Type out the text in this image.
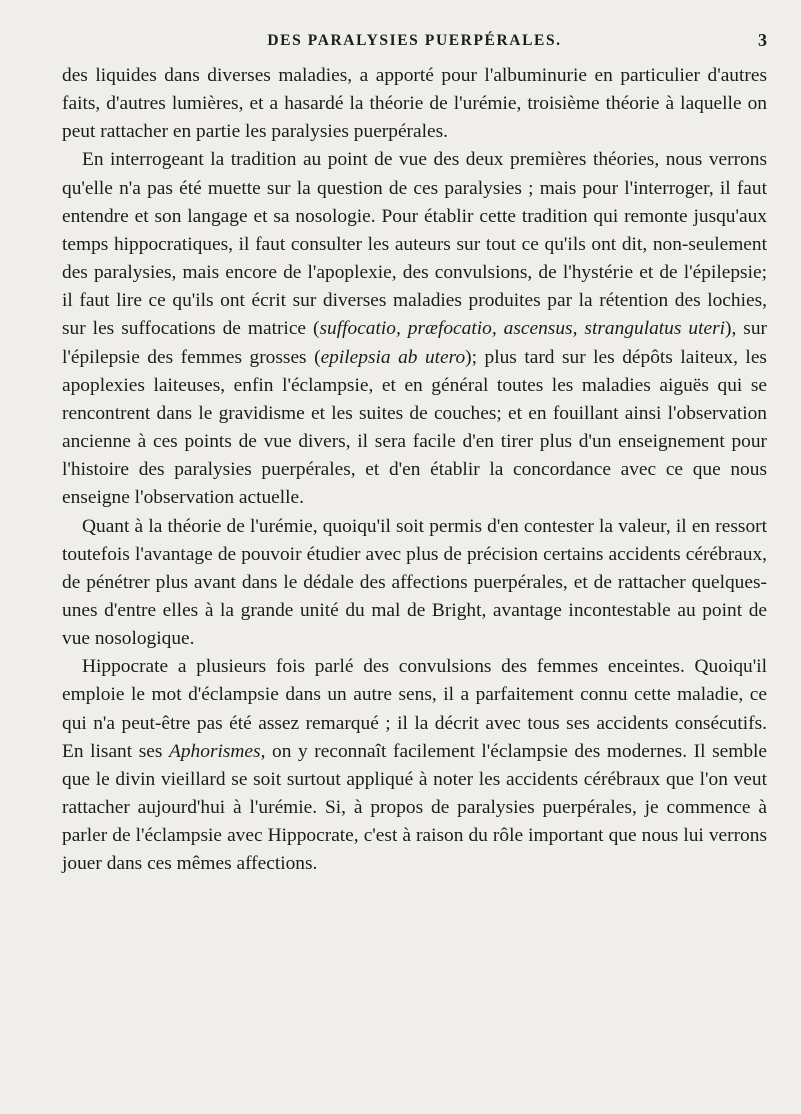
DES PARALYSIES PUERPÉRALES.	3

des liquides dans diverses maladies, a apporté pour l'albuminurie en particulier d'autres faits, d'autres lumières, et a hasardé la théorie de l'urémie, troisième théorie à laquelle on peut rattacher en partie les paralysies puerpérales.

En interrogeant la tradition au point de vue des deux premières théories, nous verrons qu'elle n'a pas été muette sur la question de ces paralysies ; mais pour l'interroger, il faut entendre et son langage et sa nosologie. Pour établir cette tradition qui remonte jusqu'aux temps hippocratiques, il faut consulter les auteurs sur tout ce qu'ils ont dit, non-seulement des paralysies, mais encore de l'apoplexie, des convulsions, de l'hystérie et de l'épilepsie; il faut lire ce qu'ils ont écrit sur diverses maladies produites par la rétention des lochies, sur les suffocations de matrice (suffocatio, præfocatio, ascensus, strangulatus uteri), sur l'épilepsie des femmes grosses (epilepsia ab utero); plus tard sur les dépôts laiteux, les apoplexies laiteuses, enfin l'éclampsie, et en général toutes les maladies aiguës qui se rencontrent dans le gravidisme et les suites de couches; et en fouillant ainsi l'observation ancienne à ces points de vue divers, il sera facile d'en tirer plus d'un enseignement pour l'histoire des paralysies puerpérales, et d'en établir la concordance avec ce que nous enseigne l'observation actuelle.

Quant à la théorie de l'urémie, quoiqu'il soit permis d'en contester la valeur, il en ressort toutefois l'avantage de pouvoir étudier avec plus de précision certains accidents cérébraux, de pénétrer plus avant dans le dédale des affections puerpérales, et de rattacher quelques-unes d'entre elles à la grande unité du mal de Bright, avantage incontestable au point de vue nosologique.

Hippocrate a plusieurs fois parlé des convulsions des femmes enceintes. Quoiqu'il emploie le mot d'éclampsie dans un autre sens, il a parfaitement connu cette maladie, ce qui n'a peut-être pas été assez remarqué ; il la décrit avec tous ses accidents consécutifs. En lisant ses Aphorismes, on y reconnaît facilement l'éclampsie des modernes. Il semble que le divin vieillard se soit surtout appliqué à noter les accidents cérébraux que l'on veut rattacher aujourd'hui à l'urémie. Si, à propos de paralysies puerpérales, je commence à parler de l'éclampsie avec Hippocrate, c'est à raison du rôle important que nous lui verrons jouer dans ces mêmes affections.
